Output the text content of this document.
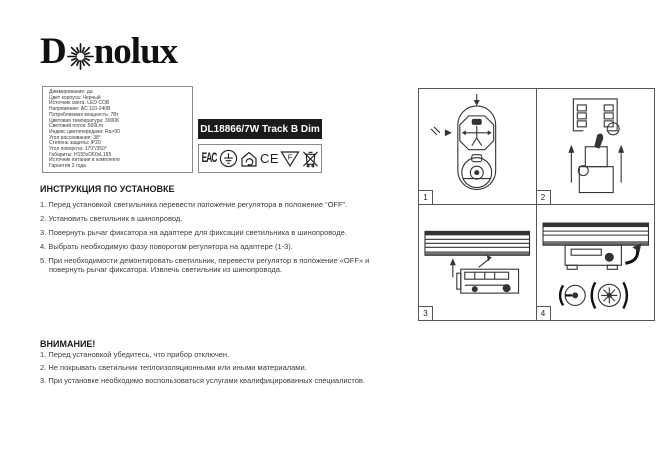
D nolux
Диммирование: да
Цвет корпуса: Черный
Источник света: LED COB
Напряжение: AC 110-240В
Потребляемая мощность: 7Вт
Цветовая температура: 3000K
Световой поток: 560Lm
Индекс цветопередачи: Ra>90
Угол рассеивания: 38°
Степень защиты: IP20
Угол поворота: 170°/350°
Габариты: H155xD60xL165
Источник питания в комплекте
Гарантия 2 года
DL18866/7W Track B Dim
EAC	CE F
ИНСТРУКЦИЯ ПО УСТАНОВКЕ
1. Перед установкой светильника перевести положение регулятора в положение “OFF”.
2. Установить светильник в шинопровод.
3. Повернуть рычаг фиксатора на адаптере для фиксации светильника в шинопроводе.
4. Выбрать необходимую фазу поворотом регулятора на адаптере (1-3).
5. При необходимости демонтировать светильник, перевести регулятор в положение «OFF» и повернуть рычаг фиксатора. Извлечь светильник из шинопровода.
ВНИМАНИЕ!
1. Перед установкой убедитесь, что прибор отключен.
2. Не покрывать светильник теплоизоляционными или иными материалами.
3. При установке необходимо воспользоваться услугами квалифицированных специалистов.
1	2
3	4
